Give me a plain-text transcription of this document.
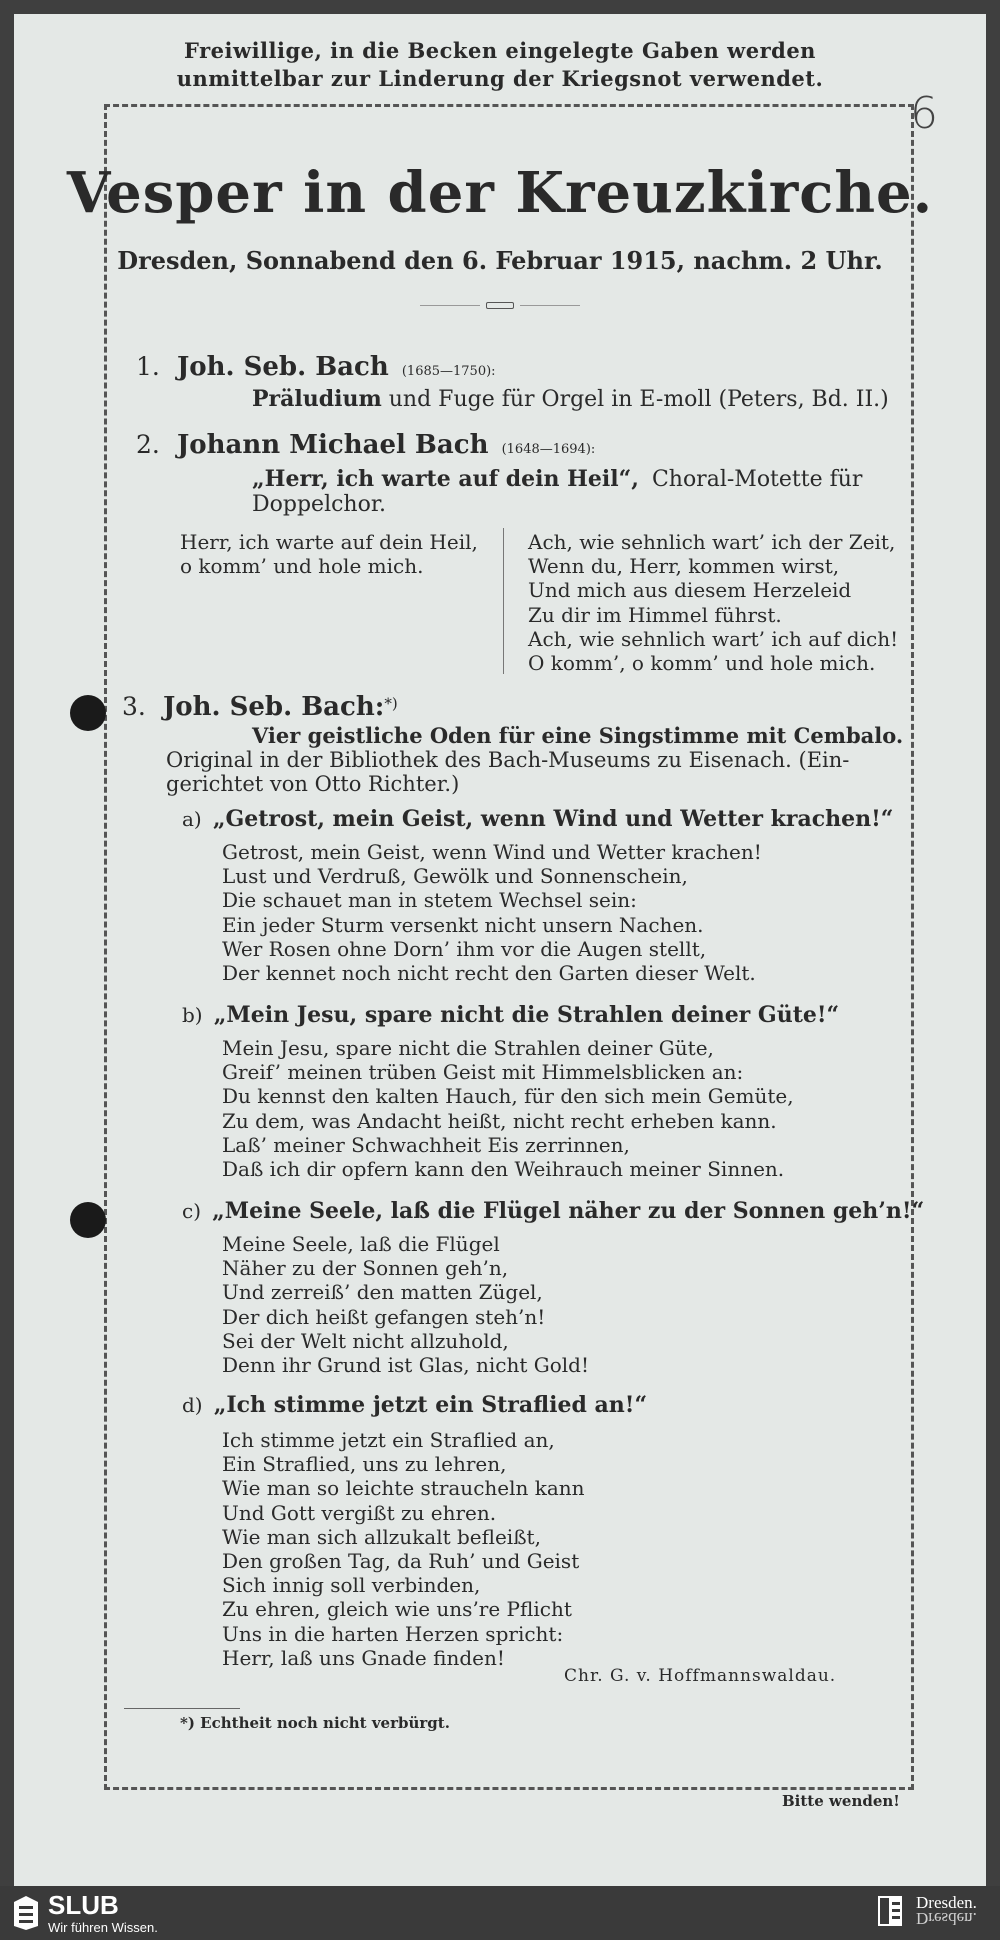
Freiwillige, in die Becken eingelegte Gaben werden
unmittelbar zur Linderung der Kriegsnot verwendet.
6
Vesper in der Kreuzkirche.
Dresden, Sonnabend den 6. Februar 1915, nachm. 2 Uhr.
1. Joh. Seb. Bach (1685—1750):
Präludium und Fuge für Orgel in E-moll (Peters, Bd. II.)
2. Johann Michael Bach (1648—1694):
„Herr, ich warte auf dein Heil“, Choral-Motette für
Doppelchor.
Herr, ich warte auf dein Heil,
o komm’ und hole mich.
Ach, wie sehnlich wart’ ich der Zeit,
Wenn du, Herr, kommen wirst,
Und mich aus diesem Herzeleid
Zu dir im Himmel führst.
Ach, wie sehnlich wart’ ich auf dich!
O komm’, o komm’ und hole mich.
3. Joh. Seb. Bach:*)
Vier geistliche Oden für eine Singstimme mit Cembalo.
Original in der Bibliothek des Bach-Museums zu Eisenach. (Ein-
gerichtet von Otto Richter.)
a) „Getrost, mein Geist, wenn Wind und Wetter krachen!“
Getrost, mein Geist, wenn Wind und Wetter krachen!
Lust und Verdruß, Gewölk und Sonnenschein,
Die schauet man in stetem Wechsel sein:
Ein jeder Sturm versenkt nicht unsern Nachen.
Wer Rosen ohne Dorn’ ihm vor die Augen stellt,
Der kennet noch nicht recht den Garten dieser Welt.
b) „Mein Jesu, spare nicht die Strahlen deiner Güte!“
Mein Jesu, spare nicht die Strahlen deiner Güte,
Greif’ meinen trüben Geist mit Himmelsblicken an:
Du kennst den kalten Hauch, für den sich mein Gemüte,
Zu dem, was Andacht heißt, nicht recht erheben kann.
Laß’ meiner Schwachheit Eis zerrinnen,
Daß ich dir opfern kann den Weihrauch meiner Sinnen.
c) „Meine Seele, laß die Flügel näher zu der Sonnen geh’n!“
Meine Seele, laß die Flügel
Näher zu der Sonnen geh’n,
Und zerreiß’ den matten Zügel,
Der dich heißt gefangen steh’n!
Sei der Welt nicht allzuhold,
Denn ihr Grund ist Glas, nicht Gold!
d) „Ich stimme jetzt ein Straflied an!“
Ich stimme jetzt ein Straflied an,
Ein Straflied, uns zu lehren,
Wie man so leichte straucheln kann
Und Gott vergißt zu ehren.
Wie man sich allzukalt befleißt,
Den großen Tag, da Ruh’ und Geist
Sich innig soll verbinden,
Zu ehren, gleich wie uns’re Pflicht
Uns in die harten Herzen spricht:
Herr, laß uns Gnade finden!
Chr. G. v. Hoffmannswaldau.
*) Echtheit noch nicht verbürgt.
Bitte wenden!
SLUB
Wir führen Wissen.
Dresden.
Dresden.
